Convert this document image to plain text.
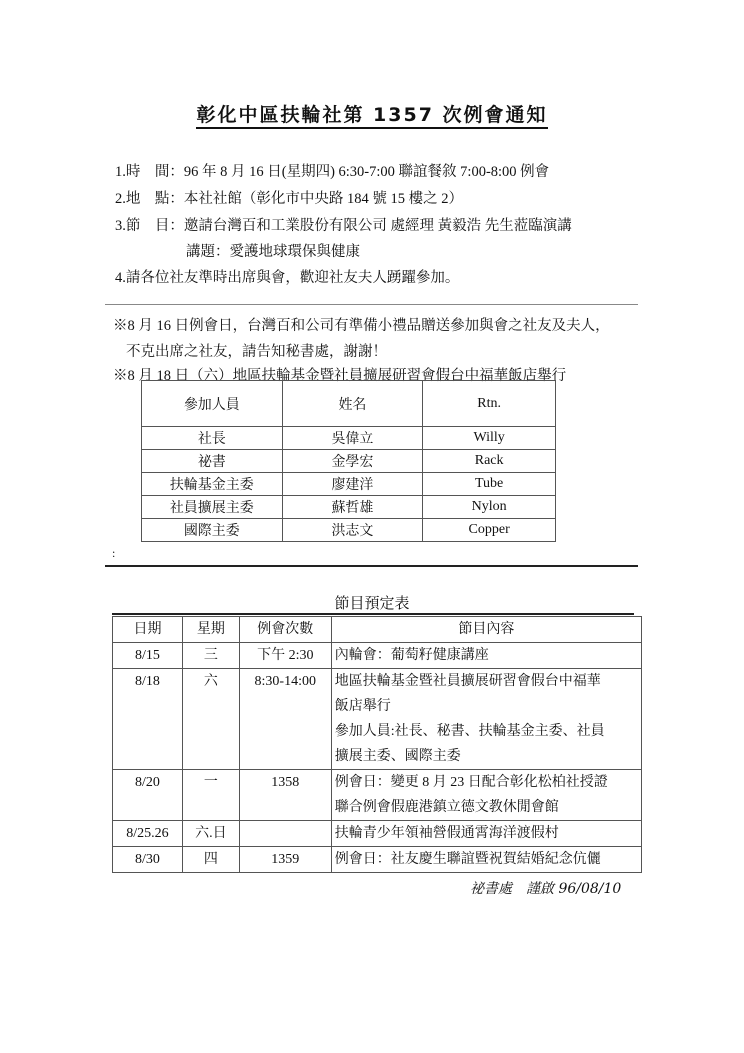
彰化中區扶輪社第 1357 次例會通知
1.時　間：96 年 8 月 16 日(星期四) 6:30-7:00 聯誼餐敘 7:00-8:00 例會
2.地　點：本社社館（彰化市中央路 184 號 15 樓之 2）
3.節　目：邀請台灣百和工業股份有限公司 處經理 黃毅浩 先生蒞臨演講
講題：愛護地球環保與健康
4.請各位社友準時出席與會，歡迎社友夫人踴躍參加。
※8 月 16 日例會日，台灣百和公司有準備小禮品贈送參加與會之社友及夫人，
不克出席之社友，請告知秘書處，謝謝！
※8 月 18 日（六）地區扶輪基金暨社員擴展研習會假台中福華飯店舉行
參加人員	姓名	Rtn.
社長	吳偉立	Willy
祕書	金學宏	Rack
扶輪基金主委	廖建洋	Tube
社員擴展主委	蘇哲雄	Nylon
國際主委	洪志文	Copper
:
節目預定表
日期	星期	例會次數	節目內容
8/15	三	下午 2:30	內輪會：葡萄籽健康講座

8/18	六	8:30-14:00	地區扶輪基金暨社員擴展研習會假台中福華
飯店舉行
參加人員:社長、秘書、扶輪基金主委、社員
擴展主委、國際主委

8/20	一	1358	例會日：變更 8 月 23 日配合彰化松柏社授證
聯合例會假鹿港鎮立德文教休閒會館

8/25.26	六.日		扶輪青少年領袖營假通霄海洋渡假村

8/30	四	1359	例會日：社友慶生聯誼暨祝賀結婚紀念伉儷
祕書處　謹啟 96/08/10
